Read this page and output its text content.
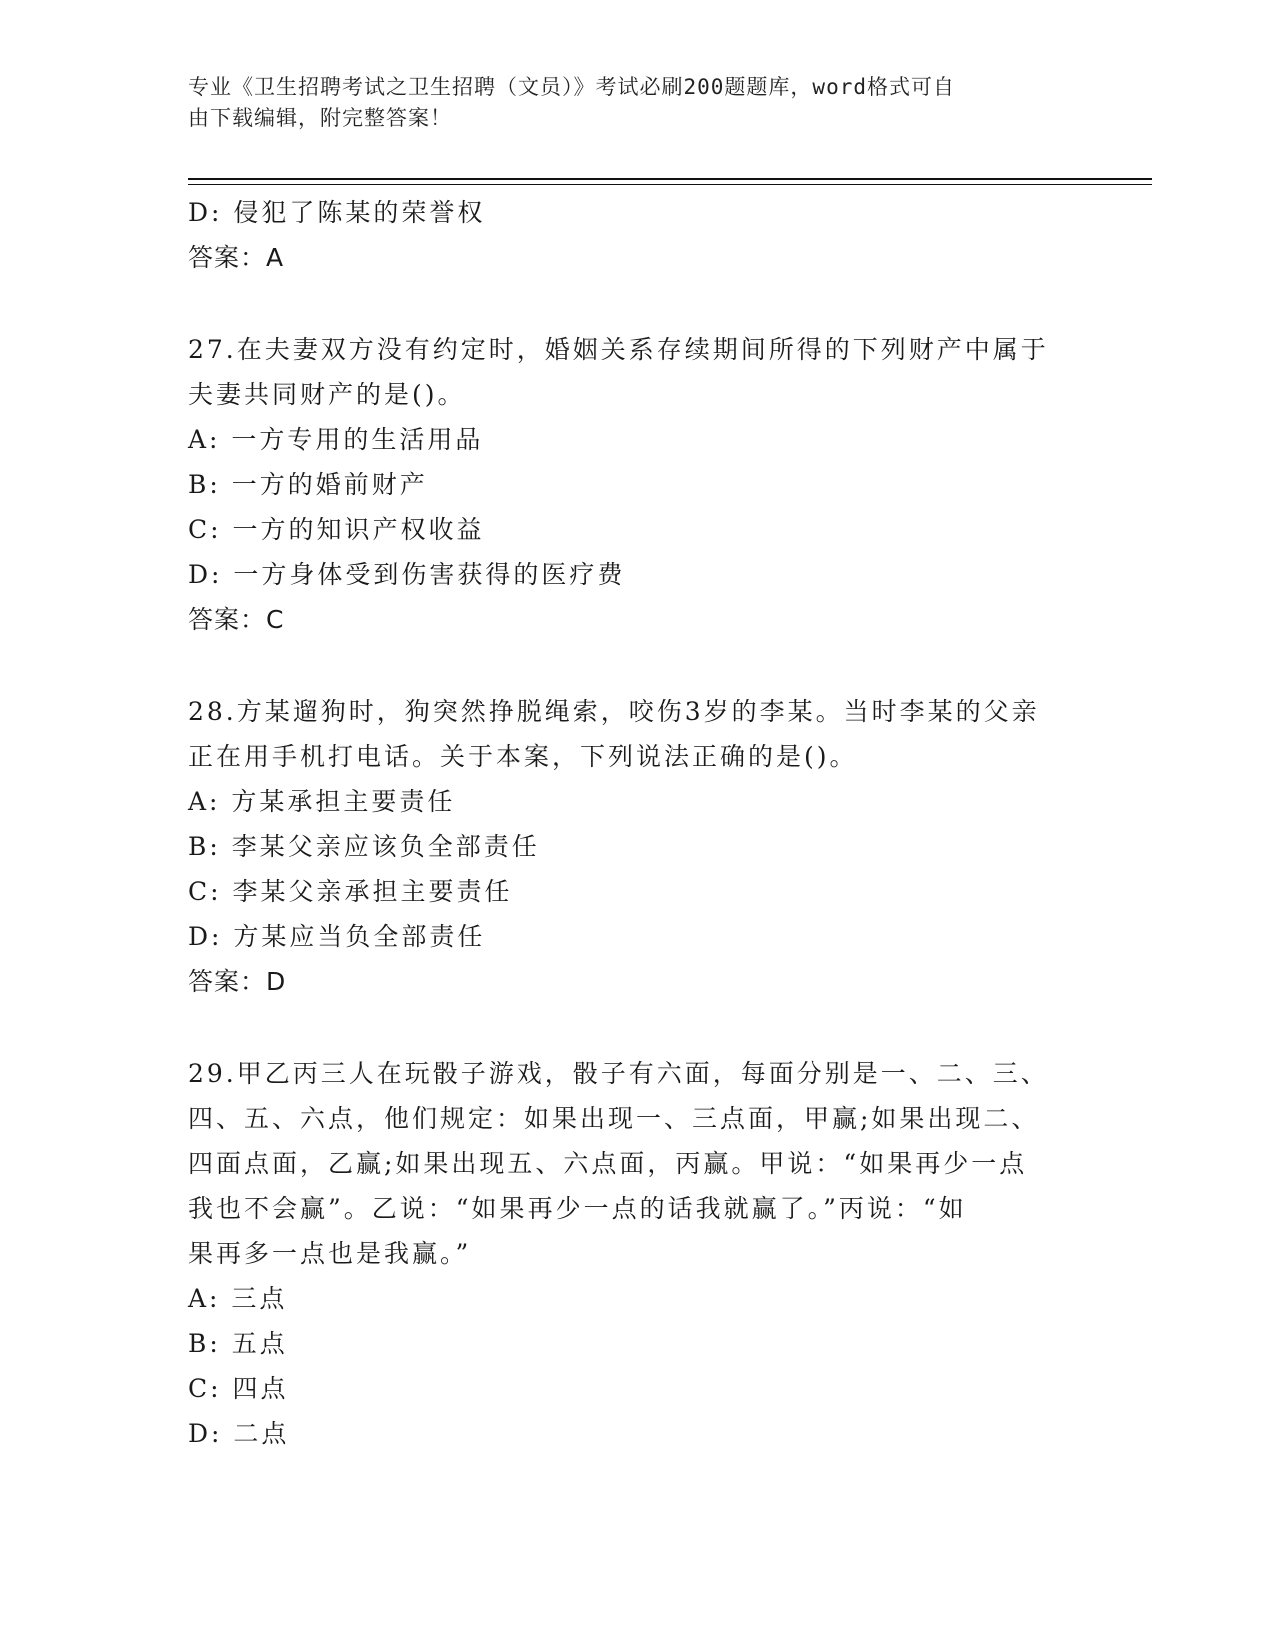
专业《卫生招聘考试之卫生招聘（文员）》考试必刷200题题库，word格式可自
由下载编辑，附完整答案！
D: 侵犯了陈某的荣誉权
答案：A
27.在夫妻双方没有约定时，婚姻关系存续期间所得的下列财产中属于
夫妻共同财产的是()。
A: 一方专用的生活用品
B: 一方的婚前财产
C: 一方的知识产权收益
D: 一方身体受到伤害获得的医疗费
答案：C
28.方某遛狗时，狗突然挣脱绳索，咬伤3岁的李某。当时李某的父亲
正在用手机打电话。关于本案，下列说法正确的是()。
A: 方某承担主要责任
B: 李某父亲应该负全部责任
C: 李某父亲承担主要责任
D: 方某应当负全部责任
答案：D
29.甲乙丙三人在玩骰子游戏，骰子有六面，每面分别是一、二、三、
四、五、六点，他们规定：如果出现一、三点面，甲赢;如果出现二、
四面点面，乙赢;如果出现五、六点面，丙赢。甲说：“如果再少一点
我也不会赢”。乙说：“如果再少一点的话我就赢了。”丙说：“如
果再多一点也是我赢。”
A: 三点
B: 五点
C: 四点
D: 二点
